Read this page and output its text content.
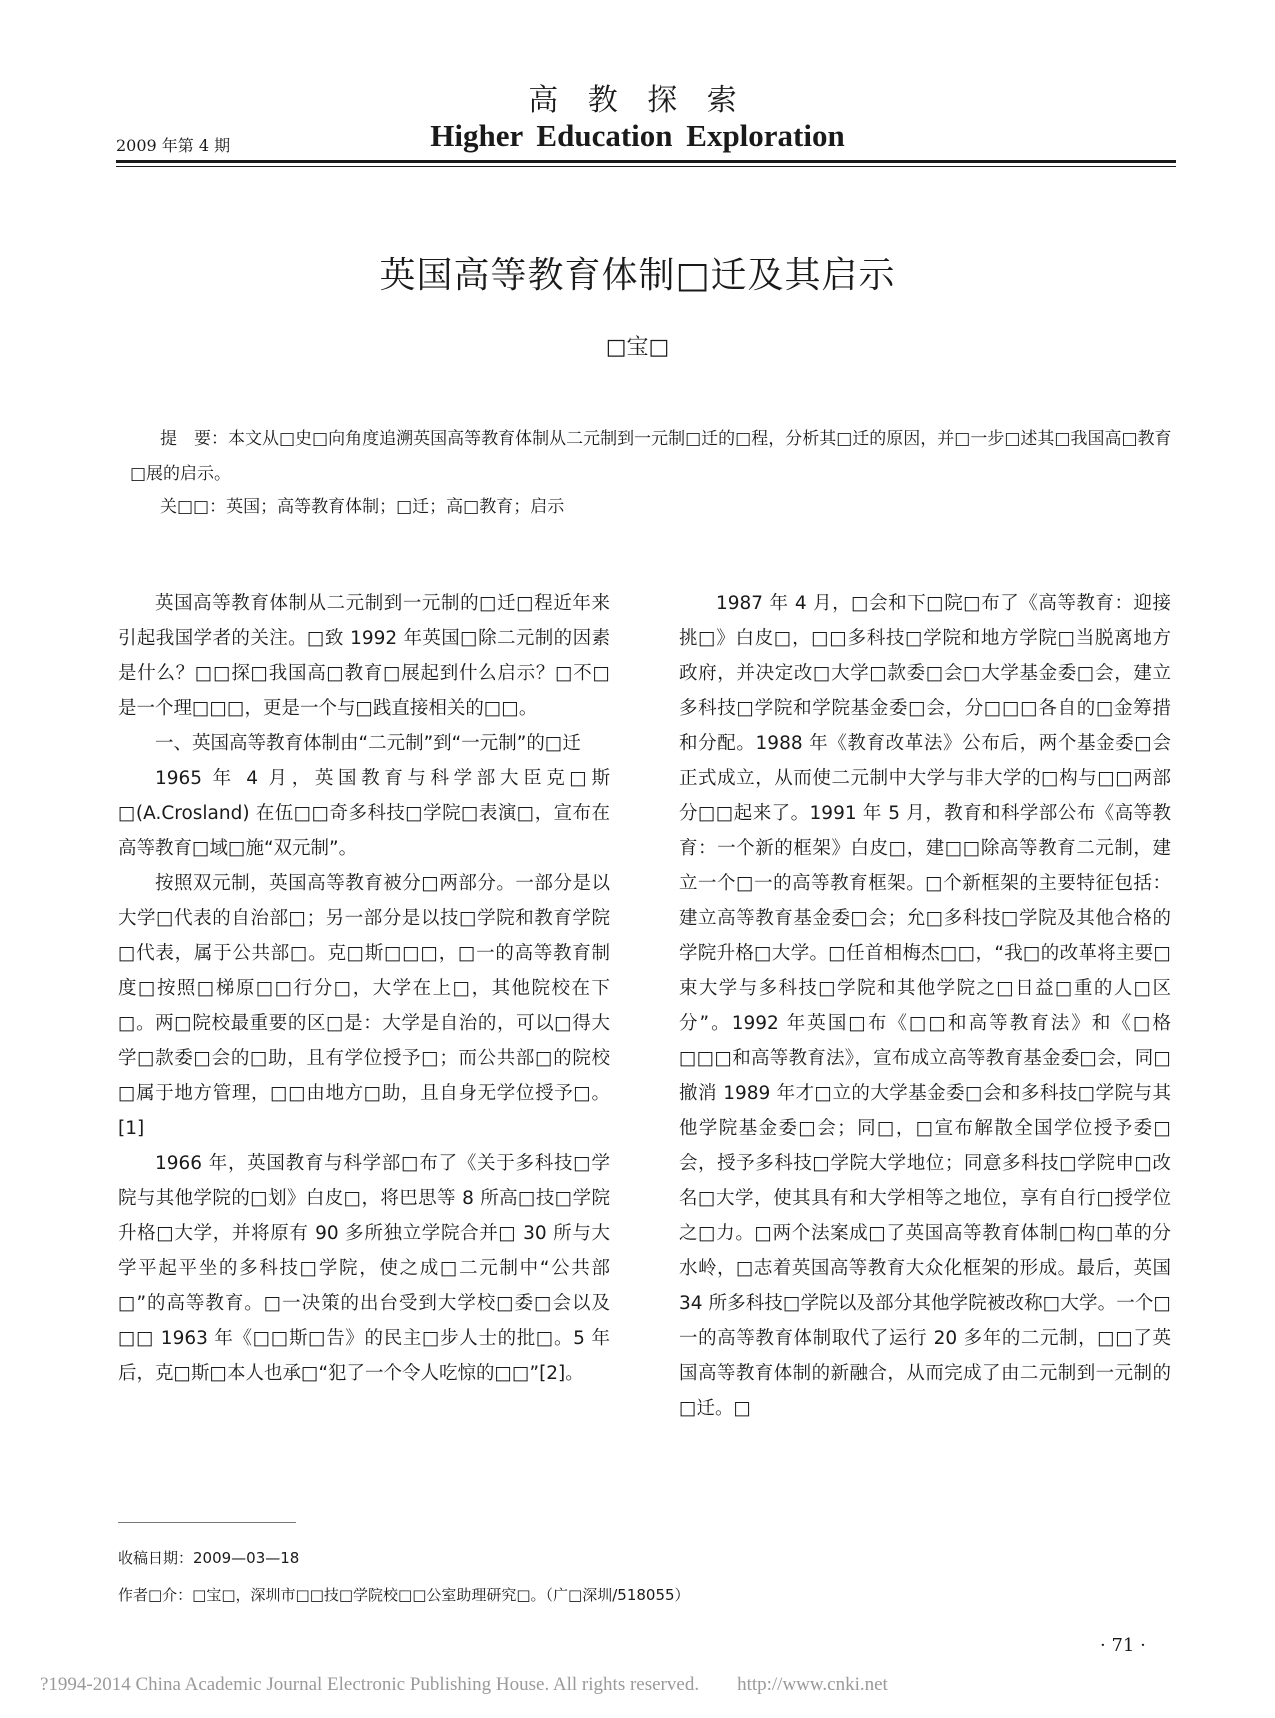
高 教 探 索
Higher Education Exploration
2009 年第 4 期
英国高等教育体制□迁及其启示
□宝□
提　要：本文从□史□向角度追溯英国高等教育体制从二元制到一元制□迁的□程，分析其□迁的原因，并□一步□述其□我国高□教育□展的启示。
关□□：英国；高等教育体制；□迁；高□教育；启示

英国高等教育体制从二元制到一元制的□迁□程近年来引起我国学者的关注。□致 1992 年英国□除二元制的因素是什么？□□探□我国高□教育□展起到什么启示？□不□是一个理□□□，更是一个与□践直接相关的□□。

一、英国高等教育体制由“二元制”到“一元制”的□迁

1965 年 4 月，英国教育与科学部大臣克□斯□(A.Crosland) 在伍□□奇多科技□学院□表演□，宣布在高等教育□域□施“双元制”。

按照双元制，英国高等教育被分□两部分。一部分是以大学□代表的自治部□；另一部分是以技□学院和教育学院□代表，属于公共部□。克□斯□□□，□一的高等教育制度□按照□梯原□□行分□，大学在上□，其他院校在下□。两□院校最重要的区□是：大学是自治的，可以□得大学□款委□会的□助，且有学位授予□；而公共部□的院校□属于地方管理，□□由地方□助，且自身无学位授予□。[1]

1966 年，英国教育与科学部□布了《关于多科技□学院与其他学院的□划》白皮□，将巴思等 8 所高□技□学院升格□大学，并将原有 90 多所独立学院合并□ 30 所与大学平起平坐的多科技□学院，使之成□二元制中“公共部□”的高等教育。□一决策的出台受到大学校□委□会以及□□ 1963 年《□□斯□告》的民主□步人士的批□。5 年后，克□斯□本人也承□“犯了一个令人吃惊的□□”[2]。

1987 年 4 月，□会和下□院□布了《高等教育：迎接挑□》白皮□，□□多科技□学院和地方学院□当脱离地方政府，并决定改□大学□款委□会□大学基金委□会，建立多科技□学院和学院基金委□会，分□□□各自的□金筹措和分配。1988 年《教育改革法》公布后，两个基金委□会正式成立，从而使二元制中大学与非大学的□构与□□两部分□□起来了。1991 年 5 月，教育和科学部公布《高等教育：一个新的框架》白皮□，建□□除高等教育二元制，建立一个□一的高等教育框架。□个新框架的主要特征包括：建立高等教育基金委□会；允□多科技□学院及其他合格的学院升格□大学。□任首相梅杰□□，“我□的改革将主要□束大学与多科技□学院和其他学院之□日益□重的人□区分”。1992 年英国□布《□□和高等教育法》和《□格□□□和高等教育法》，宣布成立高等教育基金委□会，同□撤消 1989 年才□立的大学基金委□会和多科技□学院与其他学院基金委□会；同□，□宣布解散全国学位授予委□会，授予多科技□学院大学地位；同意多科技□学院申□改名□大学，使其具有和大学相等之地位，享有自行□授学位之□力。□两个法案成□了英国高等教育体制□构□革的分水岭，□志着英国高等教育大众化框架的形成。最后，英国 34 所多科技□学院以及部分其他学院被改称□大学。一个□一的高等教育体制取代了运行 20 多年的二元制，□□了英国高等教育体制的新融合，从而完成了由二元制到一元制的□迁。□

收稿日期：2009—03—18
作者□介：□宝□，深圳市□□技□学院校□□公室助理研究□。（广□深圳/518055）
· 71 ·
?1994-2014 China Academic Journal Electronic Publishing House. All rights reserved.　　http://www.cnki.net
